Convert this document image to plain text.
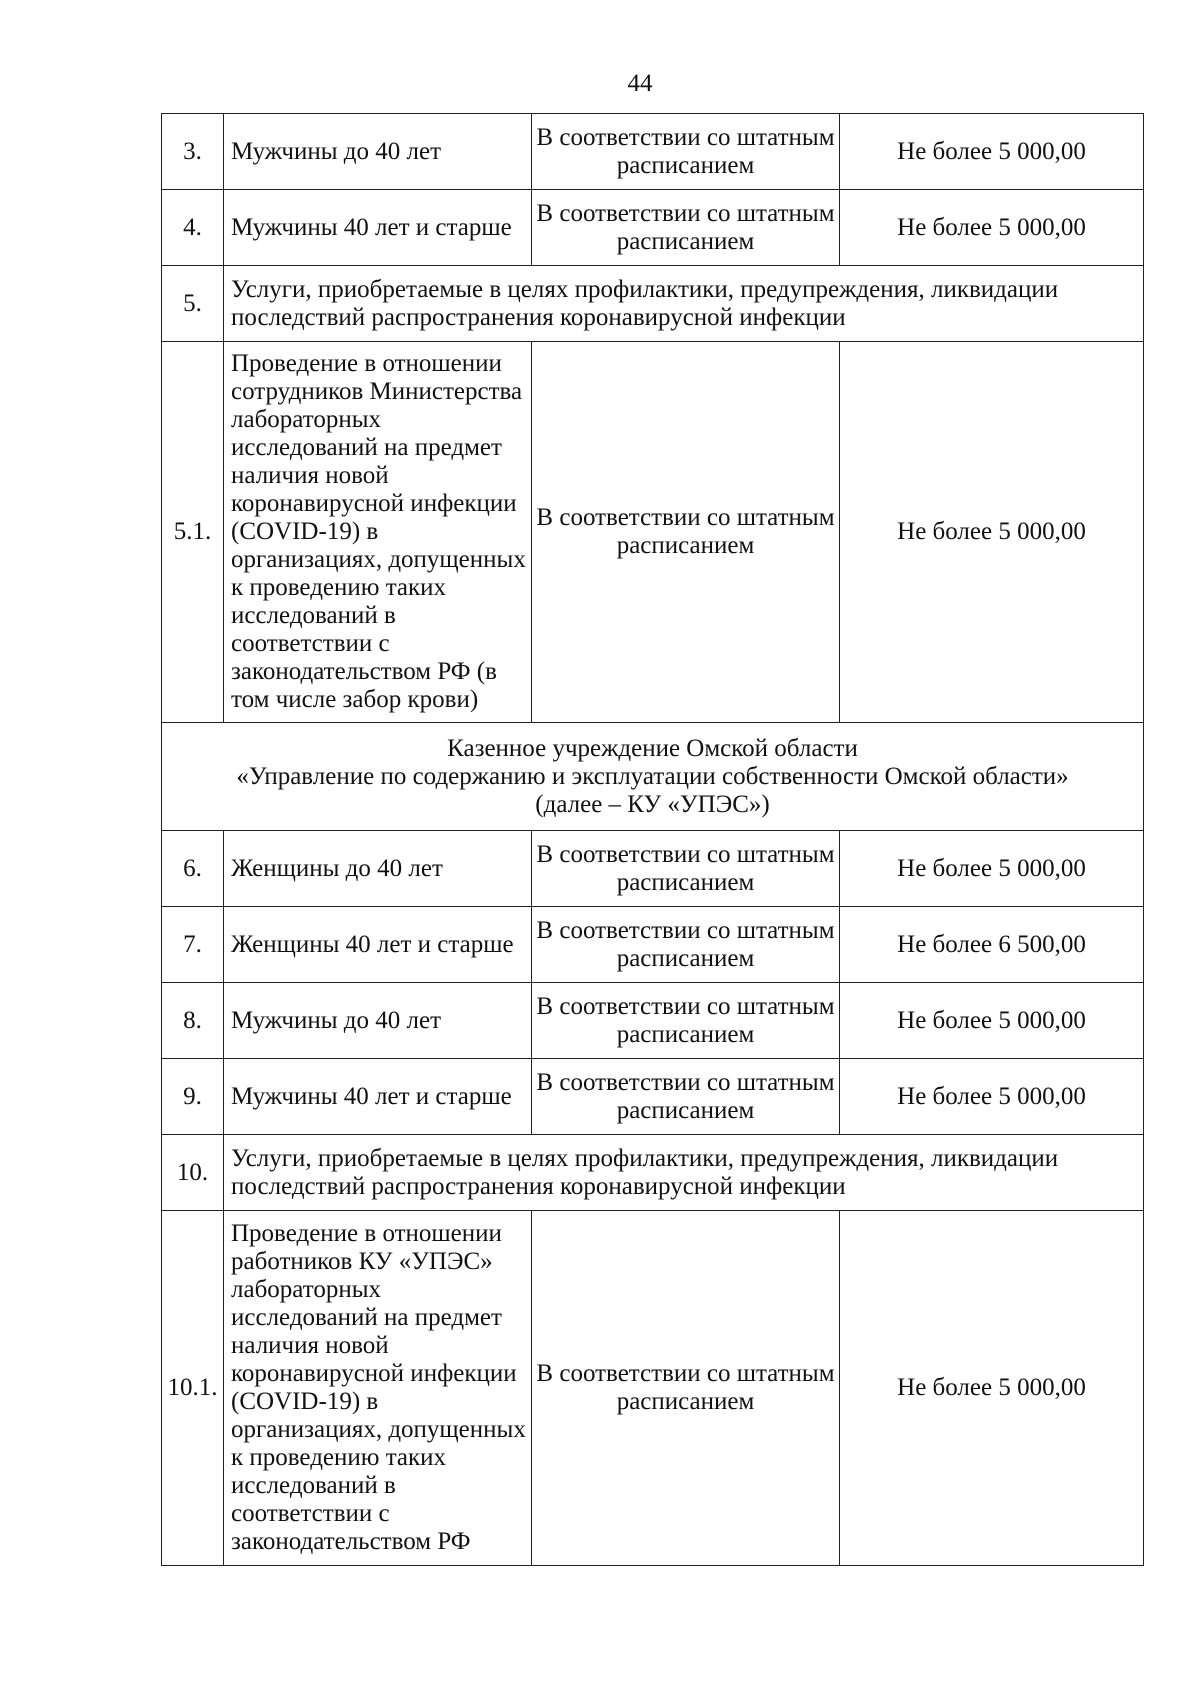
44
3.	Мужчины до 40 лет	В соответствии со штатным расписанием	Не более 5 000,00
4.	Мужчины 40 лет и старше	В соответствии со штатным расписанием	Не более 5 000,00
5.	Услуги, приобретаемые в целях профилактики, предупреждения, ликвидации последствий распространения коронавирусной инфекции		
5.1.	Проведение в отношении сотрудников Министерства лабораторных исследований на предмет наличия новой коронавирусной инфекции (COVID-19) в организациях, допущенных к проведению таких исследований в соответствии с законодательством РФ (в том числе забор крови)	В соответствии со штатным расписанием	Не более 5 000,00

Казенное учреждение Омской области
«Управление по содержанию и эксплуатации собственности Омской области»
(далее – КУ «УПЭС»)			

6.	Женщины до 40 лет	В соответствии со штатным расписанием	Не более 5 000,00
7.	Женщины 40 лет и старше	В соответствии со штатным расписанием	Не более 6 500,00
8.	Мужчины до 40 лет	В соответствии со штатным расписанием	Не более 5 000,00
9.	Мужчины 40 лет и старше	В соответствии со штатным расписанием	Не более 5 000,00
10.	Услуги, приобретаемые в целях профилактики, предупреждения, ликвидации последствий распространения коронавирусной инфекции		
10.1.	Проведение в отношении работников КУ «УПЭС» лабораторных исследований на предмет наличия новой коронавирусной инфекции (COVID-19) в организациях, допущенных к проведению таких исследований в соответствии с законодательством РФ	В соответствии со штатным расписанием	Не более 5 000,00
